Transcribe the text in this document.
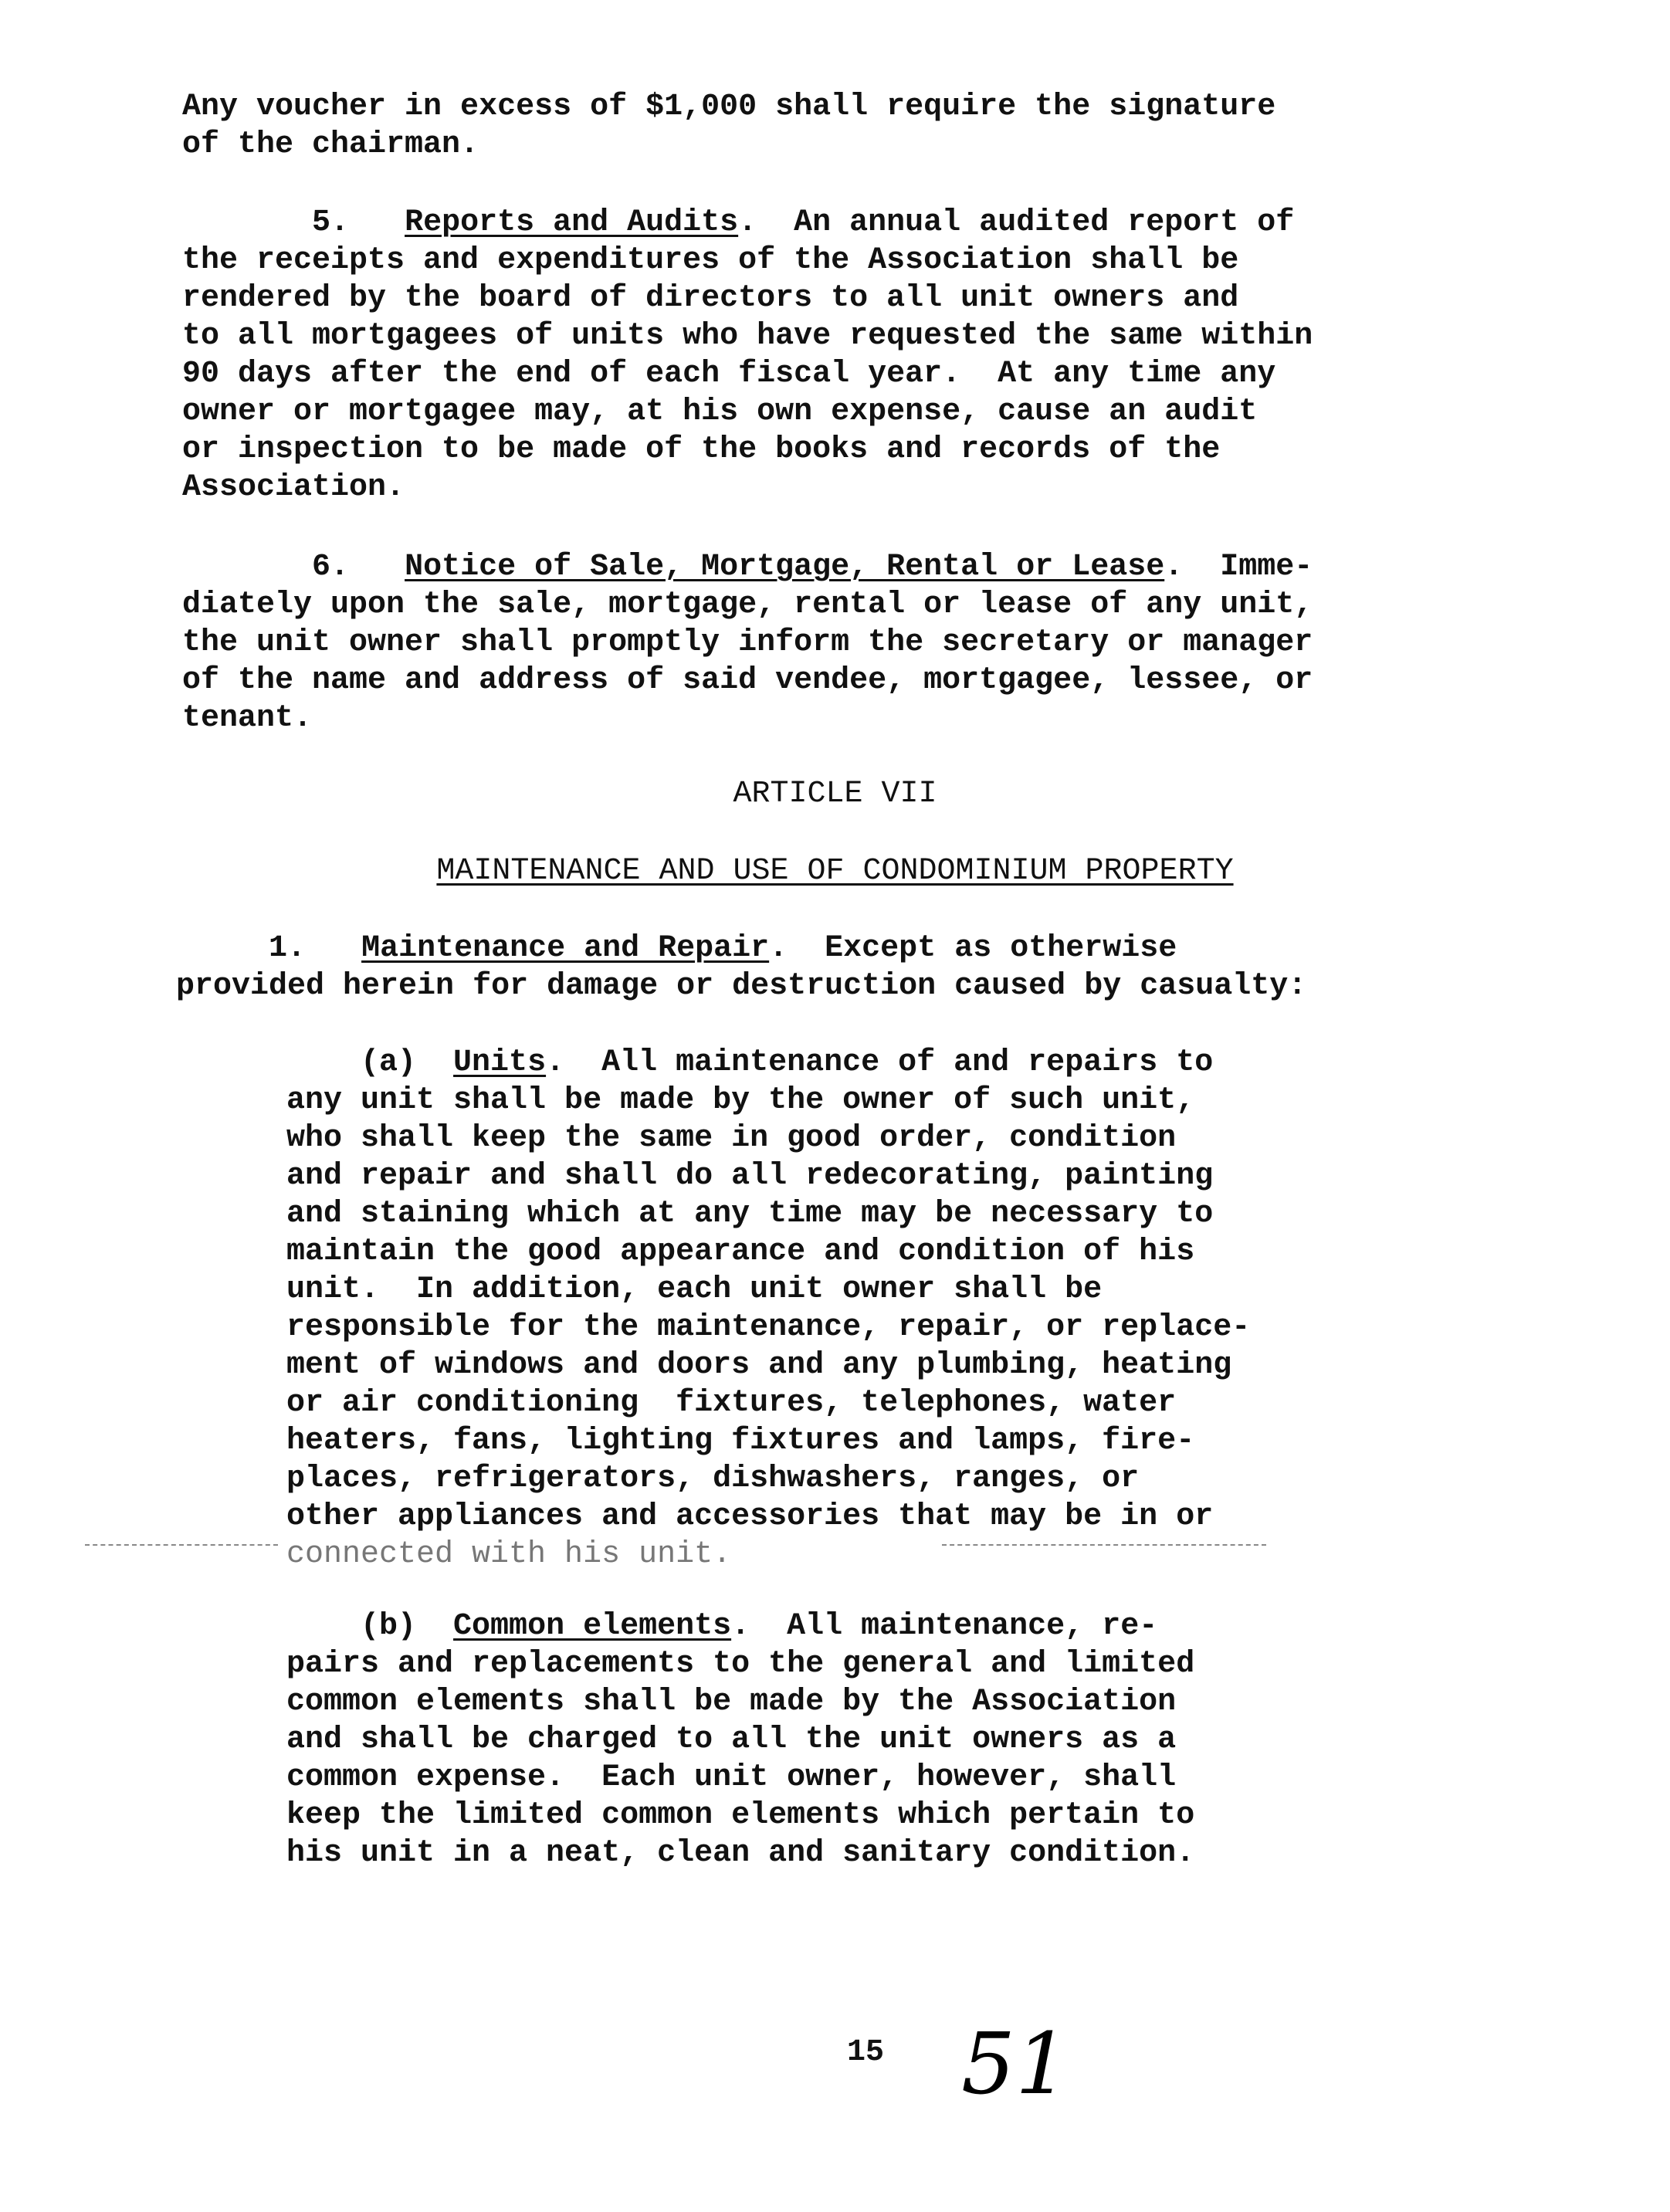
Any voucher in excess of $1,000 shall require the signature
of the chairman.
5. Reports and Audits.  An annual audited report of
the receipts and expenditures of the Association shall be
rendered by the board of directors to all unit owners and
to all mortgagees of units who have requested the same within
90 days after the end of each fiscal year.  At any time any
owner or mortgagee may, at his own expense, cause an audit
or inspection to be made of the books and records of the
Association.
6. Notice of Sale, Mortgage, Rental or Lease.  Imme-
diately upon the sale, mortgage, rental or lease of any unit,
the unit owner shall promptly inform the secretary or manager
of the name and address of said vendee, mortgagee, lessee, or
tenant.
ARTICLE VII
MAINTENANCE AND USE OF CONDOMINIUM PROPERTY
1. Maintenance and Repair.  Except as otherwise
provided herein for damage or destruction caused by casualty:
(a) Units.  All maintenance of and repairs to
any unit shall be made by the owner of such unit,
who shall keep the same in good order, condition
and repair and shall do all redecorating, painting
and staining which at any time may be necessary to
maintain the good appearance and condition of his
unit.  In addition, each unit owner shall be
responsible for the maintenance, repair, or replace-
ment of windows and doors and any plumbing, heating
or air conditioning  fixtures, telephones, water
heaters, fans, lighting fixtures and lamps, fire-
places, refrigerators, dishwashers, ranges, or
other appliances and accessories that may be in or
connected with his unit.
(b) Common elements.  All maintenance, re-
pairs and replacements to the general and limited
common elements shall be made by the Association
and shall be charged to all the unit owners as a
common expense.  Each unit owner, however, shall
keep the limited common elements which pertain to
his unit in a neat, clean and sanitary condition.
15 51
